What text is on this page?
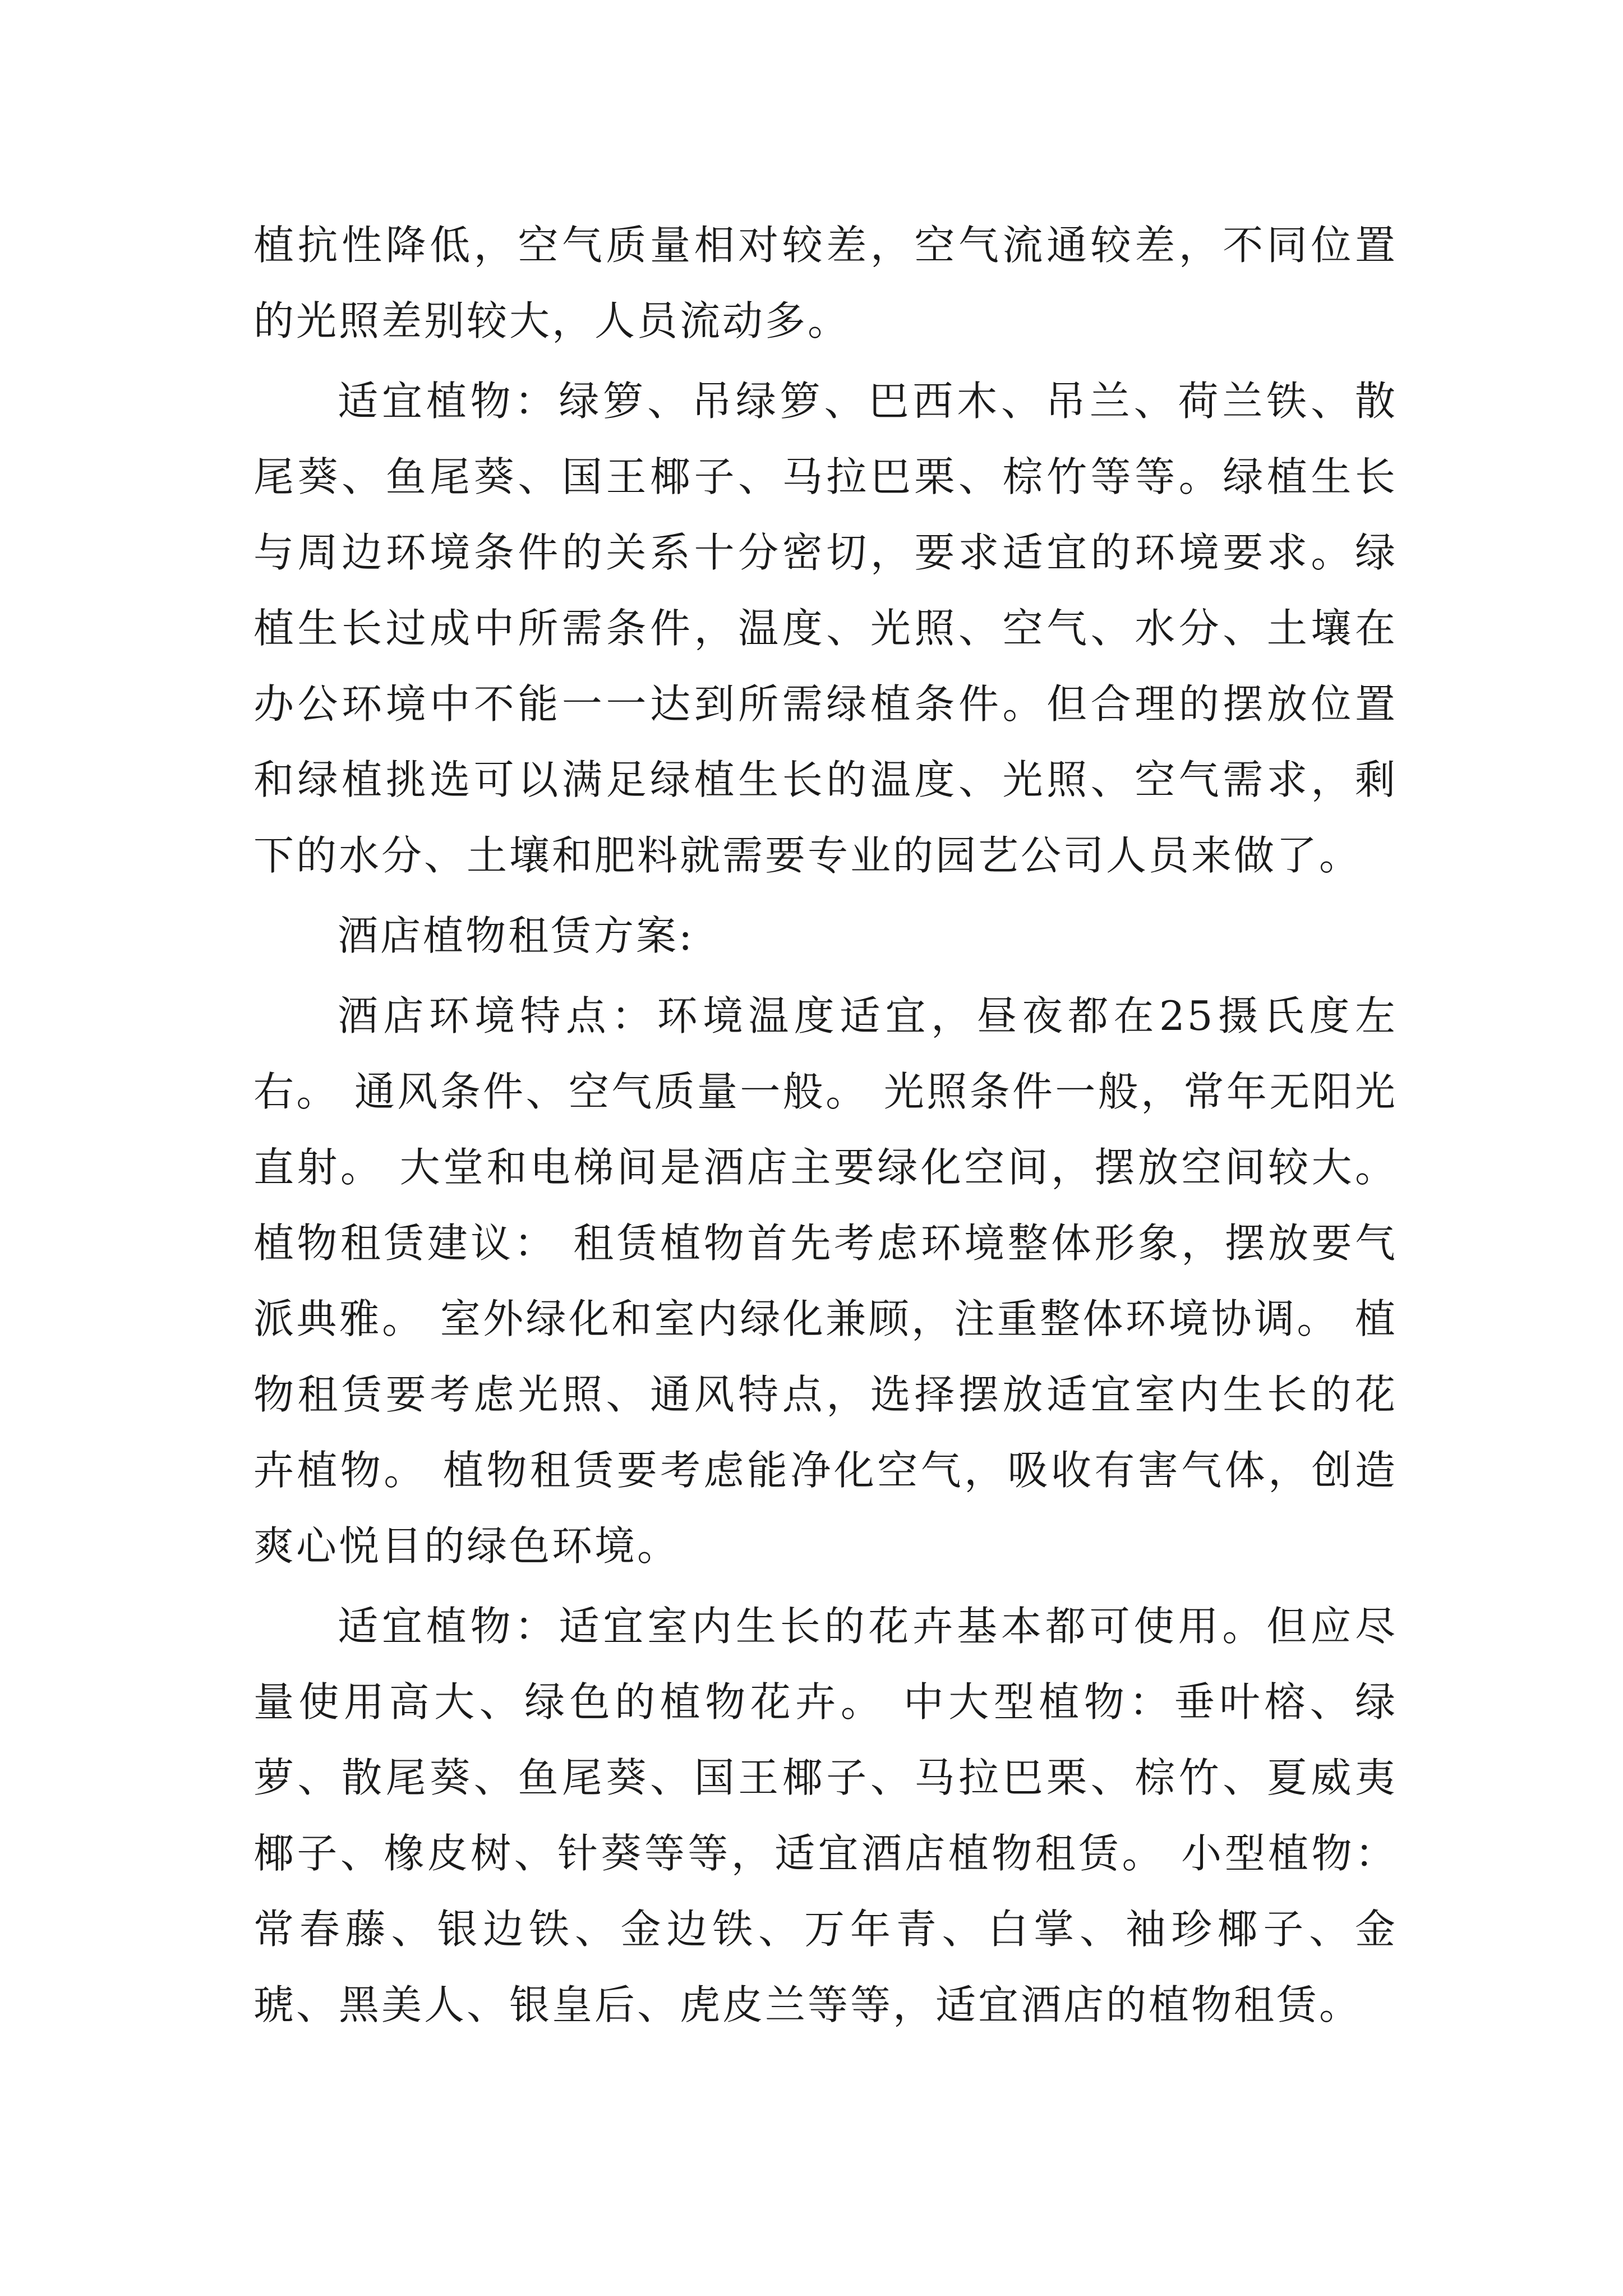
植抗性降低，空气质量相对较差，空气流通较差，不同位置的光照差别较大，人员流动多。

适宜植物：绿箩、吊绿箩、巴西木、吊兰、荷兰铁、散尾葵、鱼尾葵、国王椰子、马拉巴栗、棕竹等等。绿植生长与周边环境条件的关系十分密切，要求适宜的环境要求。绿植生长过成中所需条件，温度、光照、空气、水分、土壤在办公环境中不能一一达到所需绿植条件。但合理的摆放位置和绿植挑选可以满足绿植生长的温度、光照、空气需求，剩下的水分、土壤和肥料就需要专业的园艺公司人员来做了。

酒店植物租赁方案:

酒店环境特点：环境温度适宜，昼夜都在25摄氏度左右。 通风条件、空气质量一般。 光照条件一般，常年无阳光直射。 大堂和电梯间是酒店主要绿化空间，摆放空间较大。 植物租赁建议： 租赁植物首先考虑环境整体形象，摆放要气派典雅。 室外绿化和室内绿化兼顾，注重整体环境协调。 植物租赁要考虑光照、通风特点，选择摆放适宜室内生长的花卉植物。 植物租赁要考虑能净化空气，吸收有害气体，创造爽心悦目的绿色环境。

适宜植物：适宜室内生长的花卉基本都可使用。但应尽量使用高大、绿色的植物花卉。 中大型植物：垂叶榕、绿萝、散尾葵、鱼尾葵、国王椰子、马拉巴栗、棕竹、夏威夷椰子、橡皮树、针葵等等，适宜酒店植物租赁。 小型植物：常春藤、银边铁、金边铁、万年青、白掌、袖珍椰子、金琥、黑美人、银皇后、虎皮兰等等，适宜酒店的植物租赁。
